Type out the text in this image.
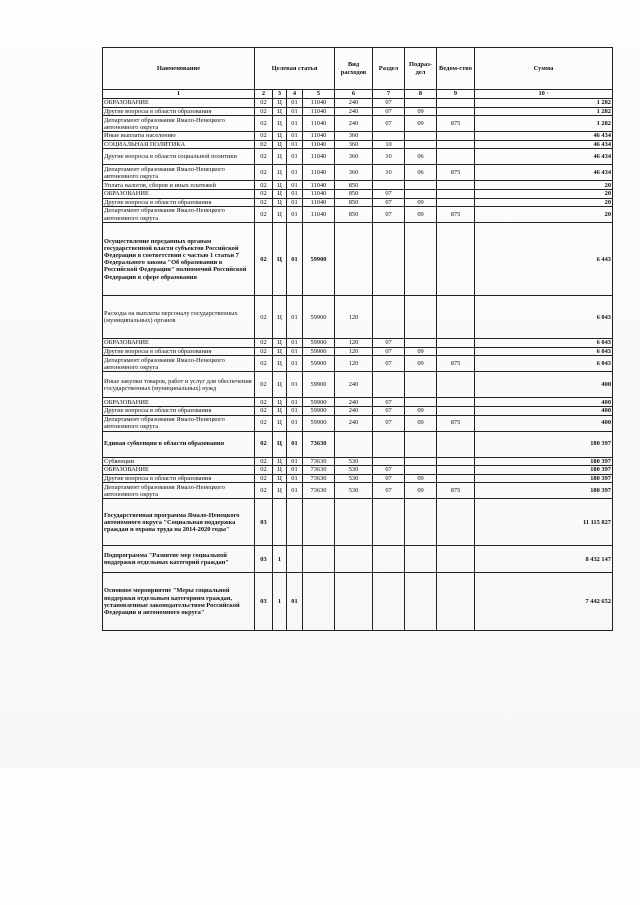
Наименование	Целевая статья				Вид расходов	Раздел	Подраз-дел	Ведом-ство	Сумма
1	2	3	4	5	6	7	8	9	10 ·
ОБРАЗОВАНИЕ	02	Ц	01	11040	240	07			1 282
Другие вопросы в области образования	02	Ц	01	11040	240	07	09		1 282
Департамент образования Ямало-Ненецкого автономного округа	02	Ц	01	11040	240	07	09	875	1 282
Иные выплаты населению	02	Ц	01	11040	360				46 434
СОЦИАЛЬНАЯ ПОЛИТИКА	02	Ц	01	11040	360	10			46 434
Другие вопросы в области социальной политики	02	Ц	01	11040	360	10	06		46 434
Департамент образования Ямало-Ненецкого автономного округа	02	Ц	01	11040	360	10	06	875	46 434
Уплата налогов, сборов и иных платежей	02	Ц	01	11040	850				20
ОБРАЗОВАНИЕ	02	Ц	01	11040	850	07			20
Другие вопросы в области образования	02	Ц	01	11040	850	07	09		20
Департамент образования Ямало-Ненецкого автономного округа	02	Ц	01	11040	850	07	09	875	20
Осуществление переданных органам государственной власти субъектов Российской Федерации в соответствии с частью 1 статьи 7 Федерального закона "Об образовании в Российской Федерации" полномочий Российской Федерации в сфере образования	02	Ц	01	59900					6 443
Расходы на выплаты персоналу государственных (муниципальных) органов	02	Ц	01	59900	120				6 043
ОБРАЗОВАНИЕ	02	Ц	01	59900	120	07			6 043
Другие вопросы в области образования	02	Ц	01	59900	120	07	09		6 043
Департамент образования Ямало-Ненецкого автономного округа	02	Ц	01	59900	120	07	09	875	6 043
Иные закупки товаров, работ и услуг для обеспечения государственных (муниципальных) нужд	02	Ц	01	59900	240				400
ОБРАЗОВАНИЕ	02	Ц	01	59900	240	07			400
Другие вопросы в области образования	02	Ц	01	59900	240	07	09		400
Департамент образования Ямало-Ненецкого автономного округа	02	Ц	01	59900	240	07	09	875	400
Единая субвенция в области образования	02	Ц	01	73630					180 397
Субвенции	02	Ц	01	73630	530				180 397
ОБРАЗОВАНИЕ	02	Ц	01	73630	530	07			180 397
Другие вопросы в области образования	02	Ц	01	73630	530	07	09		180 397
Департамент образования Ямало-Ненецкого автономного округа	02	Ц	01	73630	530	07	09	875	180 397
Государственная программа Ямало-Ненецкого автономного округа "Социальная поддержка граждан и охрана труда на 2014-2020 годы"	03								11 115 827
Подпрограмма "Развитие мер социальной поддержки отдельных категорий граждан"	03	1							8 432 147
Основное мероприятие "Меры социальной поддержки отдельным категориям граждан, установленные законодательством Российской Федерации и автономного округа"	03	1	01						7 442 652
